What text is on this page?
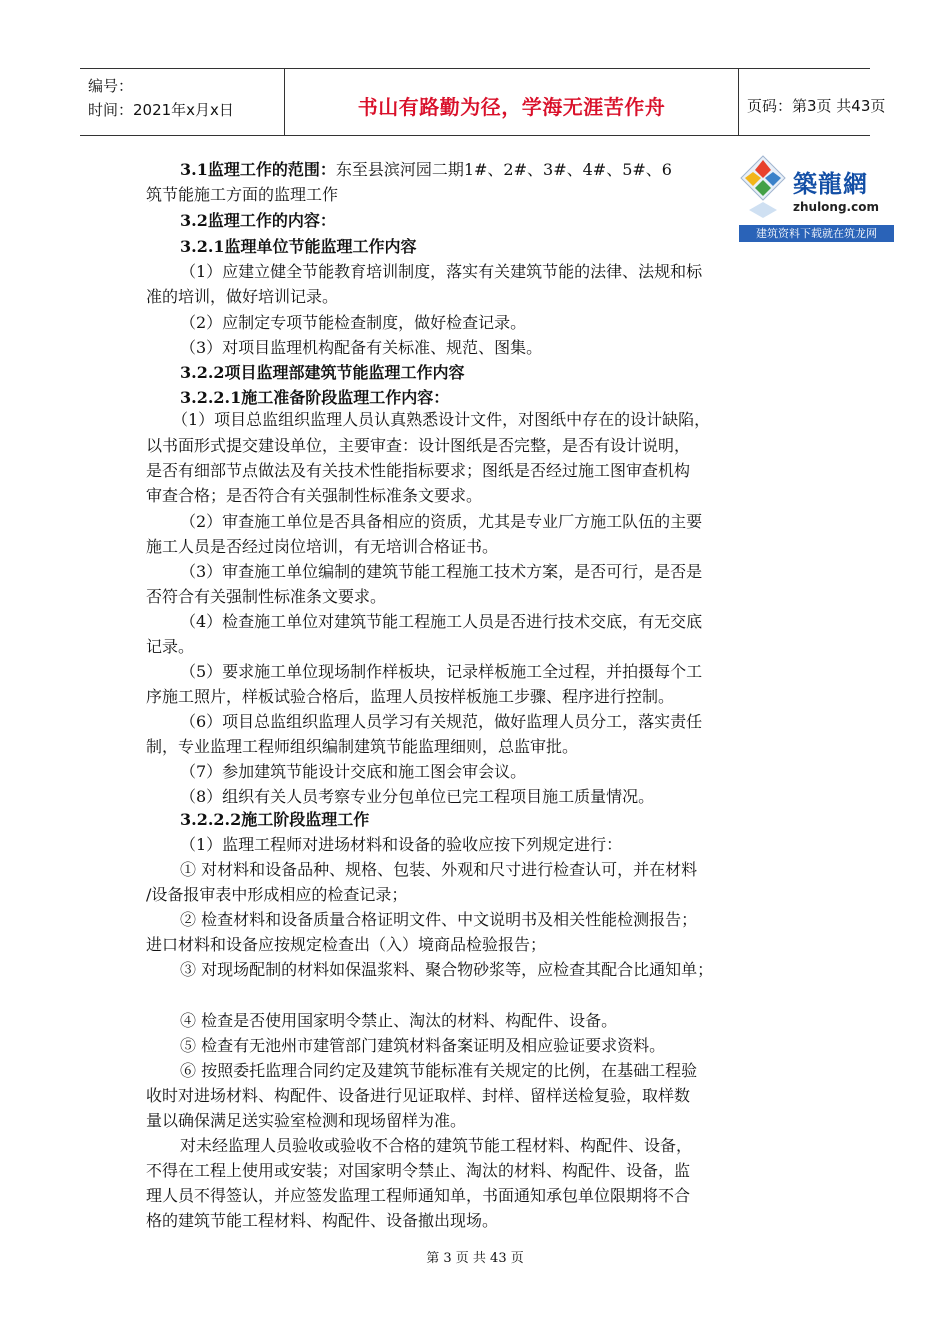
编号：
时间：2021年x月x日	书山有路勤为径，学海无涯苦作舟	页码：第3页 共43页
築龍網
zhulong.com
建筑资料下载就在筑龙网
3.1监理工作的范围：东至县滨河园二期1#、2#、3#、4#、5#、6
筑节能施工方面的监理工作
3.2监理工作的内容：
3.2.1监理单位节能监理工作内容
（1）应建立健全节能教育培训制度，落实有关建筑节能的法律、法规和标
准的培训，做好培训记录。
（2）应制定专项节能检查制度，做好检查记录。
（3）对项目监理机构配备有关标准、规范、图集。
3.2.2项目监理部建筑节能监理工作内容
3.2.2.1施工准备阶段监理工作内容：
（1）项目总监组织监理人员认真熟悉设计文件，对图纸中存在的设计缺陷，
以书面形式提交建设单位，主要审查：设计图纸是否完整，是否有设计说明，
是否有细部节点做法及有关技术性能指标要求；图纸是否经过施工图审查机构
审查合格；是否符合有关强制性标准条文要求。
（2）审查施工单位是否具备相应的资质，尤其是专业厂方施工队伍的主要
施工人员是否经过岗位培训，有无培训合格证书。
（3）审查施工单位编制的建筑节能工程施工技术方案，是否可行，是否是
否符合有关强制性标准条文要求。
（4）检查施工单位对建筑节能工程施工人员是否进行技术交底，有无交底
记录。
（5）要求施工单位现场制作样板块，记录样板施工全过程，并拍摄每个工
序施工照片，样板试验合格后，监理人员按样板施工步骤、程序进行控制。
（6）项目总监组织监理人员学习有关规范，做好监理人员分工，落实责任
制，专业监理工程师组织编制建筑节能监理细则，总监审批。
（7）参加建筑节能设计交底和施工图会审会议。
（8）组织有关人员考察专业分包单位已完工程项目施工质量情况。
3.2.2.2施工阶段监理工作
（1）监理工程师对进场材料和设备的验收应按下列规定进行：
① 对材料和设备品种、规格、包装、外观和尺寸进行检查认可，并在材料
/设备报审表中形成相应的检查记录；
② 检查材料和设备质量合格证明文件、中文说明书及相关性能检测报告；
进口材料和设备应按规定检查出（入）境商品检验报告；
③ 对现场配制的材料如保温浆料、聚合物砂浆等，应检查其配合比通知单；
④ 检查是否使用国家明令禁止、淘汰的材料、构配件、设备。
⑤ 检查有无池州市建管部门建筑材料备案证明及相应验证要求资料。
⑥ 按照委托监理合同约定及建筑节能标准有关规定的比例，在基础工程验
收时对进场材料、构配件、设备进行见证取样、封样、留样送检复验，取样数
量以确保满足送实验室检测和现场留样为准。
对未经监理人员验收或验收不合格的建筑节能工程材料、构配件、设备，
不得在工程上使用或安装；对国家明令禁止、淘汰的材料、构配件、设备，监
理人员不得签认，并应签发监理工程师通知单，书面通知承包单位限期将不合
格的建筑节能工程材料、构配件、设备撤出现场。
第 3 页 共 43 页
